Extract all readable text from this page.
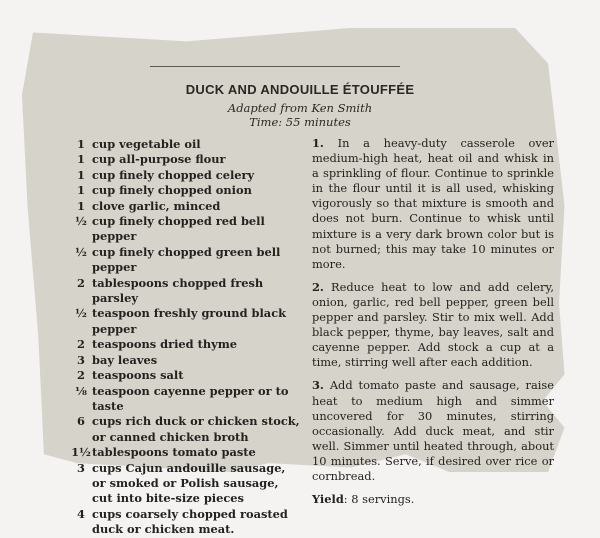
DUCK AND ANDOUILLE ÉTOUFFÉE
Adapted from Ken Smith
Time: 55 minutes
1 cup vegetable oil
1 cup all-purpose flour
1 cup finely chopped celery
1 cup finely chopped onion
1 clove garlic, minced
½ cup finely chopped red bell pepper
½ cup finely chopped green bell pepper
2 tablespoons chopped fresh parsley
½ teaspoon freshly ground black pepper
2 teaspoons dried thyme
3 bay leaves
2 teaspoons salt
⅛ teaspoon cayenne pepper or to taste
6 cups rich duck or chicken stock, or canned chicken broth
1½ tablespoons tomato paste
3 cups Cajun andouille sausage, or smoked or Polish sausage, cut into bite-size pieces
4 cups coarsely chopped roasted duck or chicken meat.

1. In a heavy-duty casserole over medium-high heat, heat oil and whisk in a sprinkling of flour. Continue to sprinkle in the flour until it is all used, whisking vigorously so that mixture is smooth and does not burn. Continue to whisk until mixture is a very dark brown color but is not burned; this may take 10 minutes or more.

2. Reduce heat to low and add celery, onion, garlic, red bell pepper, green bell pepper and parsley. Stir to mix well. Add black pepper, thyme, bay leaves, salt and cayenne pepper. Add stock a cup at a time, stirring well after each addition.

3. Add tomato paste and sausage, raise heat to medium high and simmer uncovered for 30 minutes, stirring occasionally. Add duck meat, and stir well. Simmer until heated through, about 10 minutes. Serve, if desired over rice or cornbread.

Yield: 8 servings.
